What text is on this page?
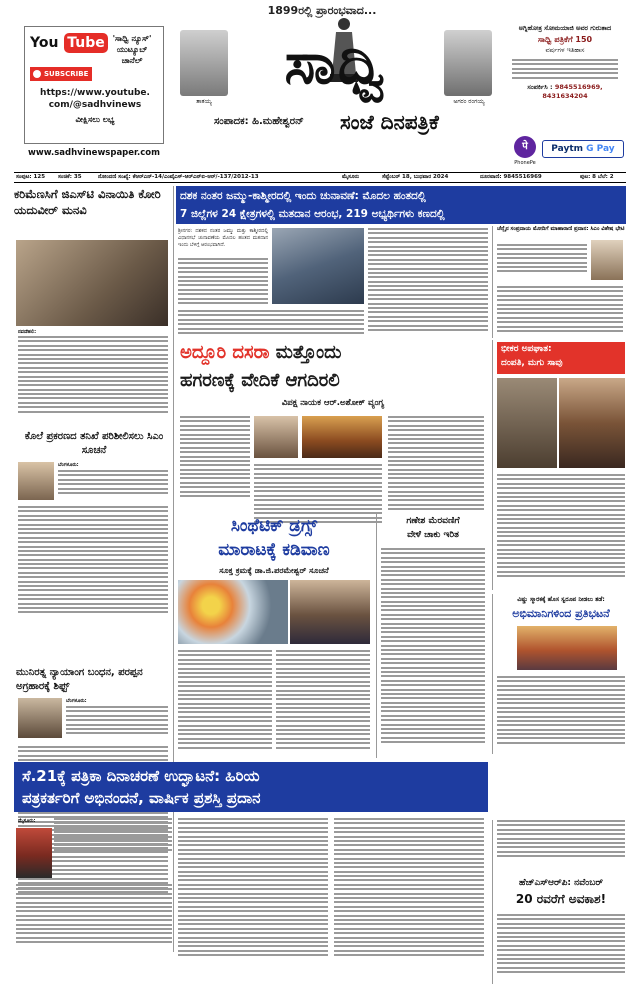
You Tube
SUBSCRIBE
'ಸಾಧ್ವಿ ನ್ಯೂಸ್'
ಯುಟ್ಯೂಬ್
ಚಾನೆಲ್
https://www.youtube.
com/@sadhvinews
ವೀಕ್ಷಿಸಲು ಲಭ್ಯ
www.sadhvinewspaper.com
1899ರಲ್ಲಿ ಪ್ರಾರಂಭವಾದ...
ತಾತಯ್ಯ
ಸಾಧ್ವಿ
ಅಗರಂ ರಂಗಯ್ಯ
ಸಂಪಾದಕ: ಹಿ.ಮಹೇಶ್ವರನ್	ಸಂಜೆ ದಿನಪತ್ರಿಕೆ
ಅಗ್ನಿಹೋತ್ರ ಸೋಮಯಾಜಿ ಅವರ ಗುರುತಾದ
ಸಾಧ್ವಿ ಪತ್ರಿಕೆಗೆ 150
ವರ್ಷಗಳ ಇತಿಹಾಸ
ಸಂಪರ್ಕಿಸಿ : 9845516969,
8431634204
पे
PhonePe
Paytm G Pay
ಸಂಪುಟ: 125 ಸಂಚಿಕೆ: 35	ನೋಂದಣಿ ಸಂಖ್ಯೆ: ಕೆಆರ್‌ಎನ್-14/ಎಂವೈಎಸ್-ಆರ್‌ಎನ್‌ಐ-ಆರ್/-137/2012-13	ಮೈಸೂರು	ಸೆಪ್ಟೆಂಬರ್ 18, ಬುಧವಾರ 2024	ದೂರವಾಣಿ: 9845516969	ಪುಟ: 8 ಬೆಲೆ: 2
ಕರಿಮೆಣಸಿಗೆ ಜಿಎಸ್‌ಟಿ ವಿನಾಯಿತಿ ಕೋರಿ ಯದುವೀರ್ ಮನವಿ
ನವದೆಹಲಿ:
ಕೊಲೆ ಪ್ರಕರಣದ ತನಿಖೆ ಪರಿಶೀಲಿಸಲು ಸಿಎಂ ಸೂಚನೆ
ಬೆಂಗಳೂರು:
ಮುನಿರತ್ನ ನ್ಯಾಯಾಂಗ ಬಂಧನ, ಪರಪ್ಪನ ಅಗ್ರಹಾರಕ್ಕೆ ಶಿಫ್ಟ್
ಬೆಂಗಳೂರು:
ದಶಕ ನಂತರ ಜಮ್ಮು-ಕಾಶ್ಮೀರದಲ್ಲಿ ಇಂದು ಚುನಾವಣೆ: ಮೊದಲ ಹಂತದಲ್ಲಿ
7 ಜಿಲ್ಲೆಗಳ 24 ಕ್ಷೇತ್ರಗಳಲ್ಲಿ ಮತದಾನ ಆರಂಭ, 219 ಅಭ್ಯರ್ಥಿಗಳು ಕಣದಲ್ಲಿ
ಶ್ರೀನಗರ: ದಶಕದ ನಂತರ ಜಮ್ಮು ಮತ್ತು ಕಾಶ್ಮೀರದಲ್ಲಿ ವಿಧಾನಸಭೆ ಚುನಾವಣೆಯ ಮೊದಲ ಹಂತದ ಮತದಾನ ಇಂದು ಬೆಳಿಗ್ಗೆ ಆರಂಭವಾಗಿದೆ.
ಚೆನ್ನೈನ ಸಂಪ್ರದಾಯ ಮೋದಿಗೆ ಮಾಹಾರಾಣಿ ಪ್ರದಾನ: ಸಿಎಂ ವಿಶೇಷ ಭೇಟಿ
ಅದ್ದೂರಿ ದಸರಾ ಮತ್ತೊಂದು
ಹಗರಣಕ್ಕೆ ವೇದಿಕೆ ಆಗದಿರಲಿ
ವಿಪಕ್ಷ ನಾಯಕ ಆರ್.ಅಶೋಕ್ ವ್ಯಂಗ್ಯ
ಭೀಕರ ಅಪಘಾತ:
ದಂಪತಿ, ಮಗು ಸಾವು
ಸಿಂಥೆಟಿಕ್ ಡ್ರಗ್ಸ್
ಮಾರಾಟಕ್ಕೆ ಕಡಿವಾಣ
ಸೂಕ್ತ ಕ್ರಮಕ್ಕೆ ಡಾ.ಜಿ.ಪರಮೇಶ್ವರ್ ಸೂಚನೆ
ಗಣೇಶ ಮೆರವಣಿಗೆ
ವೇಳೆ ಚಾಕು ಇರಿತ
ವಿಷ್ಣು ಸ್ಮಾರಕಕ್ಕೆ ಹೊಸ ಸ್ವರೂಪ ನೀಡಲು ತಡೆ:
ಅಭಿಮಾನಿಗಳಿಂದ ಪ್ರತಿಭಟನೆ
ಸೆ.21ಕ್ಕೆ ಪತ್ರಿಕಾ ದಿನಾಚರಣೆ ಉದ್ಘಾಟನೆ: ಹಿರಿಯ
ಪತ್ರಕರ್ತರಿಗೆ ಅಭಿನಂದನೆ, ವಾರ್ಷಿಕ ಪ್ರಶಸ್ತಿ ಪ್ರದಾನ
ಮೈಸೂರು:
ಹೆಜ್‌ಎಸ್‌ಆರ್‌ಪಿ: ನವೆಂಬರ್
20 ರವರೆಗೆ ಅವಕಾಶ!
